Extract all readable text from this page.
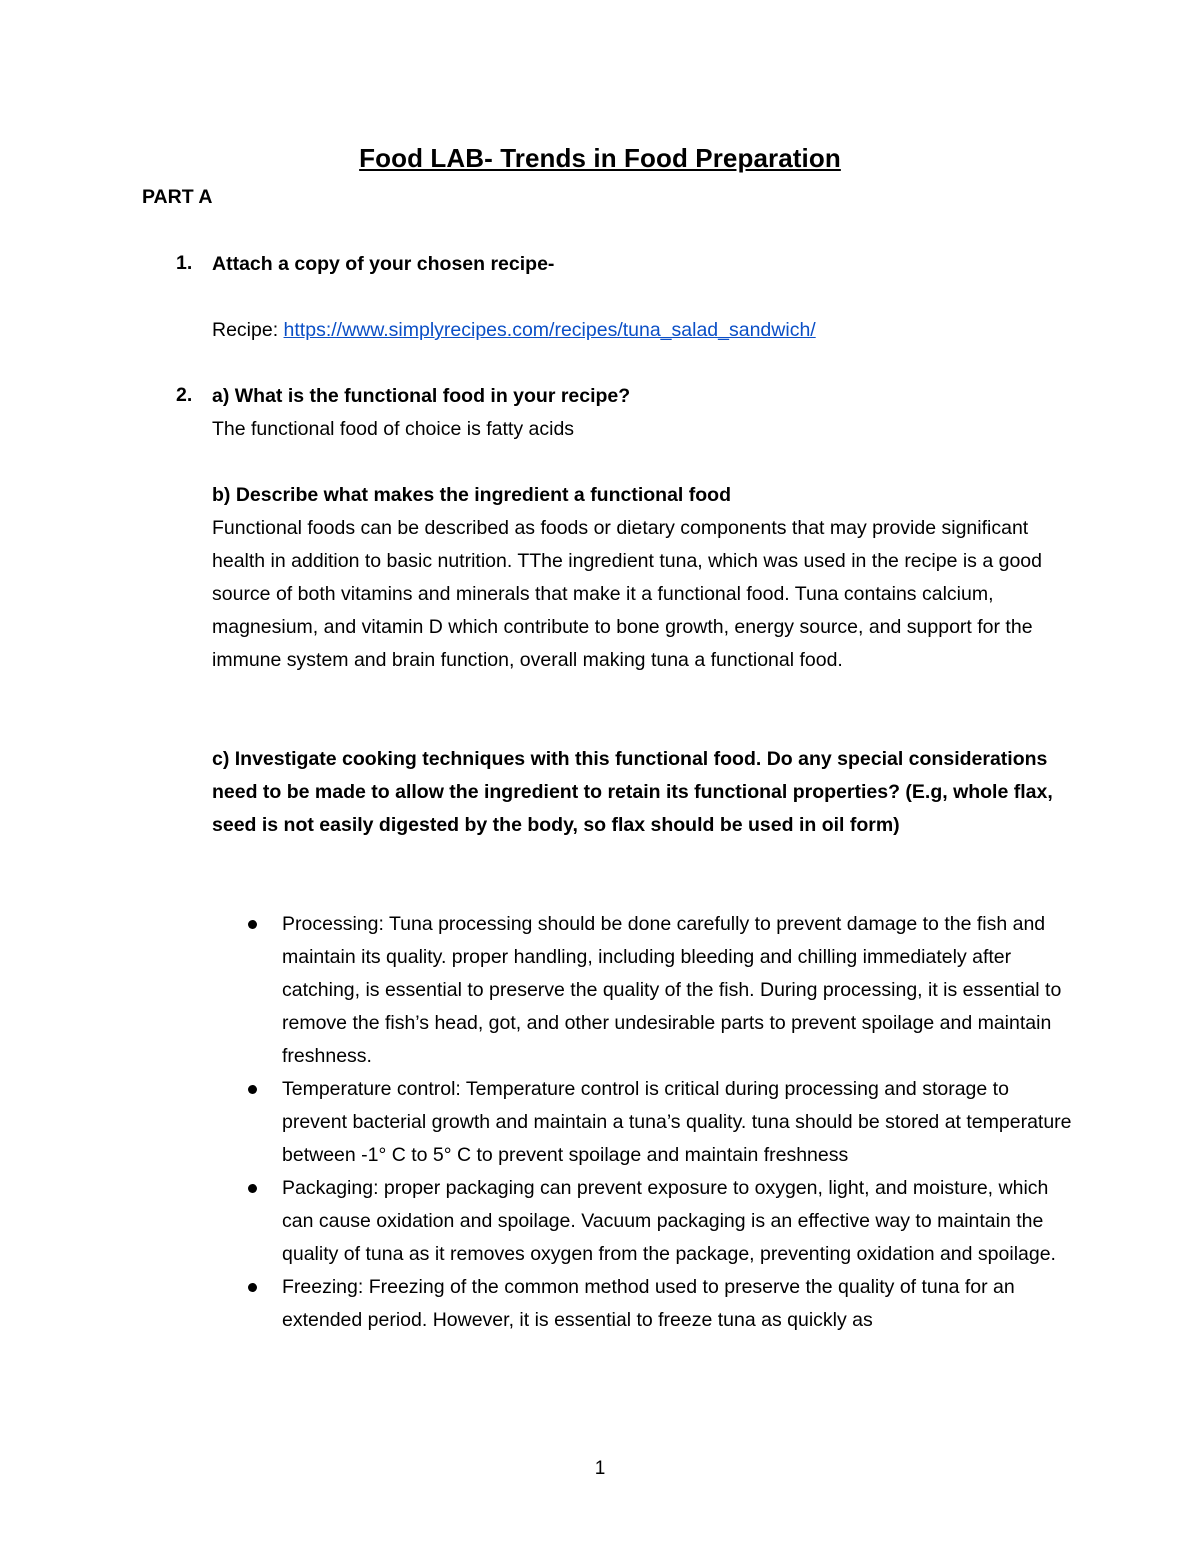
Food LAB- Trends in Food Preparation
PART A
1. Attach a copy of your chosen recipe-

Recipe: https://www.simplyrecipes.com/recipes/tuna_salad_sandwich/

2. a) What is the functional food in your recipe?

The functional food of choice is fatty acids

b) Describe what makes the ingredient a functional food

Functional foods can be described as foods or dietary components that may provide significant health in addition to basic nutrition. TThe ingredient tuna, which was used in the recipe is a good source of both vitamins and minerals that make it a functional food. Tuna contains calcium, magnesium, and vitamin D which contribute to bone growth, energy source, and support for the immune system and brain function, overall making tuna a functional food.

c) Investigate cooking techniques with this functional food. Do any special considerations need to be made to allow the ingredient to retain its functional properties? (E.g, whole flax, seed is not easily digested by the body, so flax should be used in oil form)

Processing: Tuna processing should be done carefully to prevent damage to the fish and maintain its quality. proper handling, including bleeding and chilling immediately after catching, is essential to preserve the quality of the fish. During processing, it is essential to remove the fish’s head, got, and other undesirable parts to prevent spoilage and maintain freshness.
Temperature control: Temperature control is critical during processing and storage to prevent bacterial growth and maintain a tuna’s quality. tuna should be stored at temperature between -1° C to 5° C to prevent spoilage and maintain freshness
Packaging: proper packaging can prevent exposure to oxygen, light, and moisture, which can cause oxidation and spoilage. Vacuum packaging is an effective way to maintain the quality of tuna as it removes oxygen from the package, preventing oxidation and spoilage.
Freezing: Freezing of the common method used to preserve the quality of tuna for an extended period. However, it is essential to freeze tuna as quickly as
1
